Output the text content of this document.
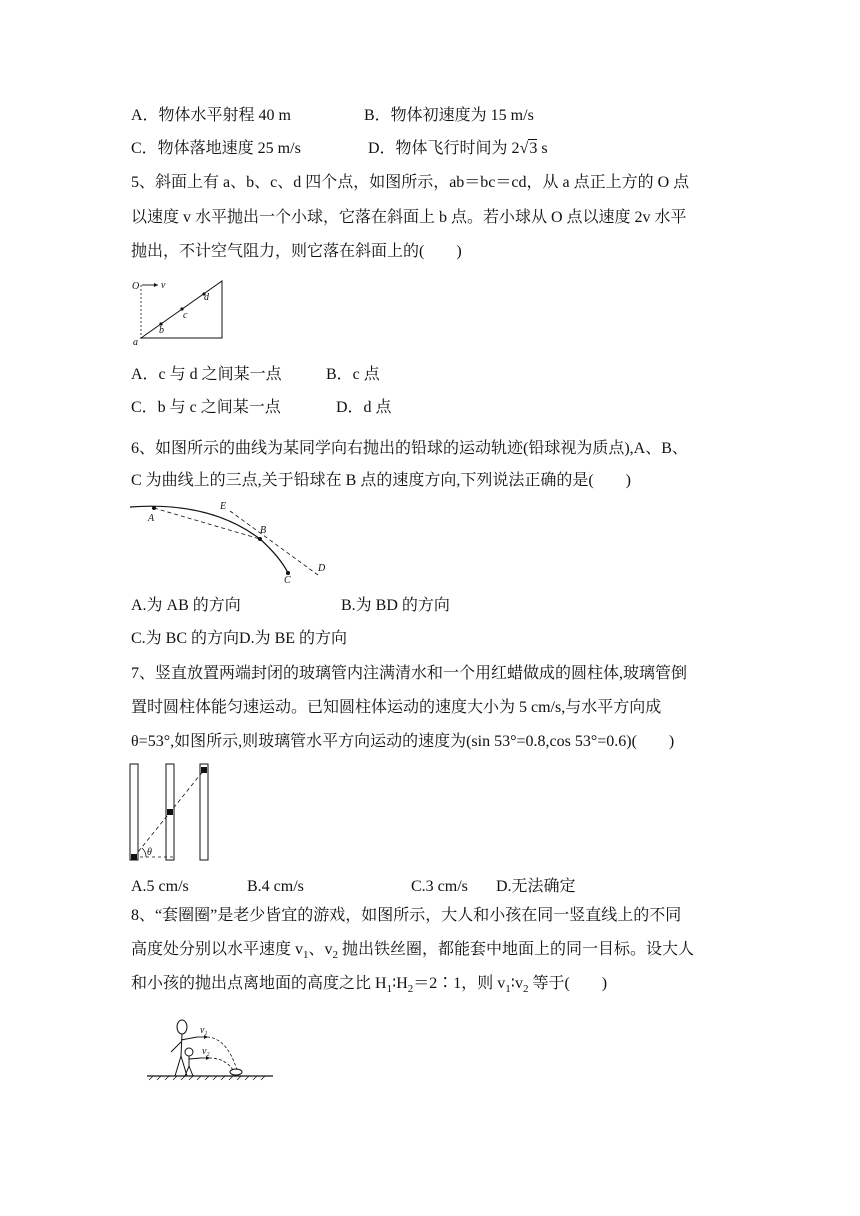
A．物体水平射程 40 m	B．物体初速度为 15 m/s
C．物体落地速度 25 m/s	D．物体飞行时间为 2√3 s
5、斜面上有 a、b、c、d 四个点，如图所示，ab＝bc＝cd，从 a 点正上方的 O 点
以速度 v 水平抛出一个小球，它落在斜面上 b 点。若小球从 O 点以速度 2v 水平
抛出，不计空气阻力，则它落在斜面上的(　　)
O v
a
b
c
d
A．c 与 d 之间某一点	B．c 点
C．b 与 c 之间某一点	D．d 点
6、如图所示的曲线为某同学向右抛出的铅球的运动轨迹(铅球视为质点),A、B、
C 为曲线上的三点,关于铅球在 B 点的速度方向,下列说法正确的是(　　)
A
B
C
D
E
A.为 AB 的方向	B.为 BD 的方向
C.为 BC 的方向D.为 BE 的方向
7、竖直放置两端封闭的玻璃管内注满清水和一个用红蜡做成的圆柱体,玻璃管倒
置时圆柱体能匀速运动。已知圆柱体运动的速度大小为 5 cm/s,与水平方向成
θ=53°,如图所示,则玻璃管水平方向运动的速度为(sin 53°=0.8,cos 53°=0.6)(　　)
θ
A.5 cm/s	B.4 cm/s	C.3 cm/s D.无法确定
8、“套圈圈”是老少皆宜的游戏，如图所示，大人和小孩在同一竖直线上的不同
高度处分别以水平速度 $v_1$、$v_2$ 抛出铁丝圈，都能套中地面上的同一目标。设大人
和小孩的抛出点离地面的高度之比 $H_1∶H_2=2∶1$，则 $v_1∶v_2$ 等于(　　)
$v_1$
$v_2$
